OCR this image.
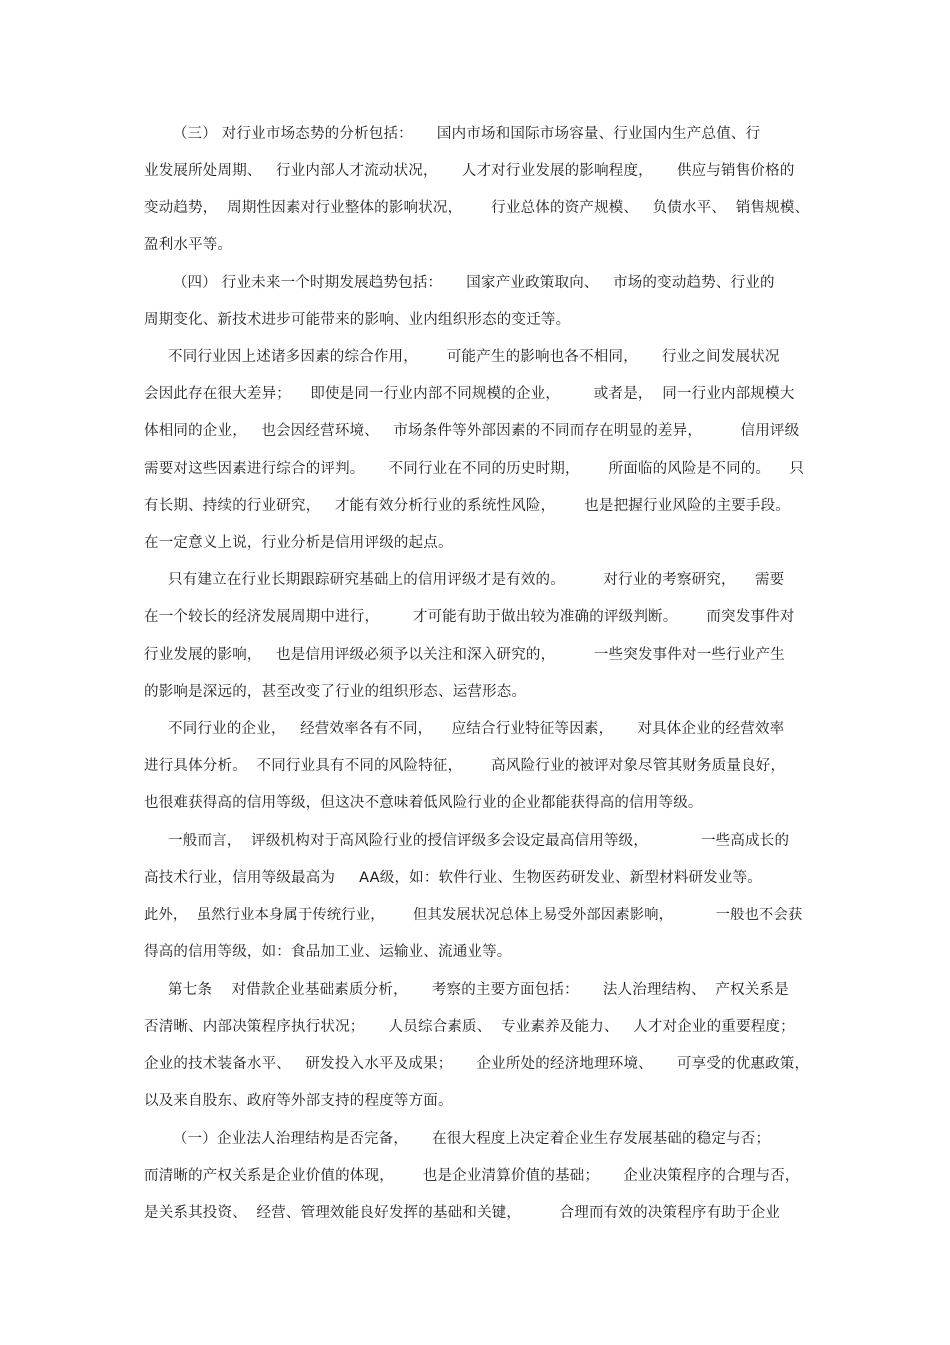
（三） 对行业市场态势的分析包括：     国内市场和国际市场容量、行业国内生产总值、行
业发展所处周期、   行业内部人才流动状况，     人才对行业发展的影响程度，     供应与销售价格的
变动趋势，  周期性因素对行业整体的影响状况，      行业总体的资产规模、   负债水平、  销售规模、
盈利水平等。
（四） 行业未来一个时期发展趋势包括：     国家产业政策取向、   市场的变动趋势、行业的
周期变化、新技术进步可能带来的影响、业内组织形态的变迁等。
不同行业因上述诸多因素的综合作用，      可能产生的影响也各不相同，     行业之间发展状况
会因此存在很大差异；    即使是同一行业内部不同规模的企业，       或者是，  同一行业内部规模大
体相同的企业，   也会因经营环境、   市场条件等外部因素的不同而存在明显的差异，        信用评级
需要对这些因素进行综合的评判。     不同行业在不同的历史时期，      所面临的风险是不同的。    只
有长期、持续的行业研究，   才能有效分析行业的系统性风险，      也是把握行业风险的主要手段。
在一定意义上说，行业分析是信用评级的起点。
只有建立在行业长期跟踪研究基础上的信用评级才是有效的。        对行业的考察研究，    需要
在一个较长的经济发展周期中进行，       才可能有助于做出较为准确的评级判断。      而突发事件对
行业发展的影响，   也是信用评级必须予以关注和深入研究的，        一些突发事件对一些行业产生
的影响是深远的，甚至改变了行业的组织形态、运营形态。
不同行业的企业，   经营效率各有不同，    应结合行业特征等因素，     对具体企业的经营效率
进行具体分析。  不同行业具有不同的风险特征，      高风险行业的被评对象尽管其财务质量良好，
也很难获得高的信用等级，但这决不意味着低风险行业的企业都能获得高的信用等级。
一般而言，  评级机构对于高风险行业的授信评级多会设定最高信用等级，           一些高成长的
高技术行业，信用等级最高为     AA级，如：软件行业、生物医药研发业、新型材料研发业等。
此外，  虽然行业本身属于传统行业，      但其发展状况总体上易受外部因素影响，         一般也不会获
得高的信用等级，如：食品加工业、运输业、流通业等。
第七条    对借款企业基础素质分析，     考察的主要方面包括：     法人治理结构、  产权关系是
否清晰、内部决策程序执行状况；     人员综合素质、  专业素养及能力、   人才对企业的重要程度；
企业的技术装备水平、   研发投入水平及成果；     企业所处的经济地理环境、     可享受的优惠政策，
以及来自股东、政府等外部支持的程度等方面。
（一）企业法人治理结构是否完备，     在很大程度上决定着企业生存发展基础的稳定与否；
而清晰的产权关系是企业价值的体现，      也是企业清算价值的基础；     企业决策程序的合理与否，
是关系其投资、  经营、管理效能良好发挥的基础和关键，        合理而有效的决策程序有助于企业
